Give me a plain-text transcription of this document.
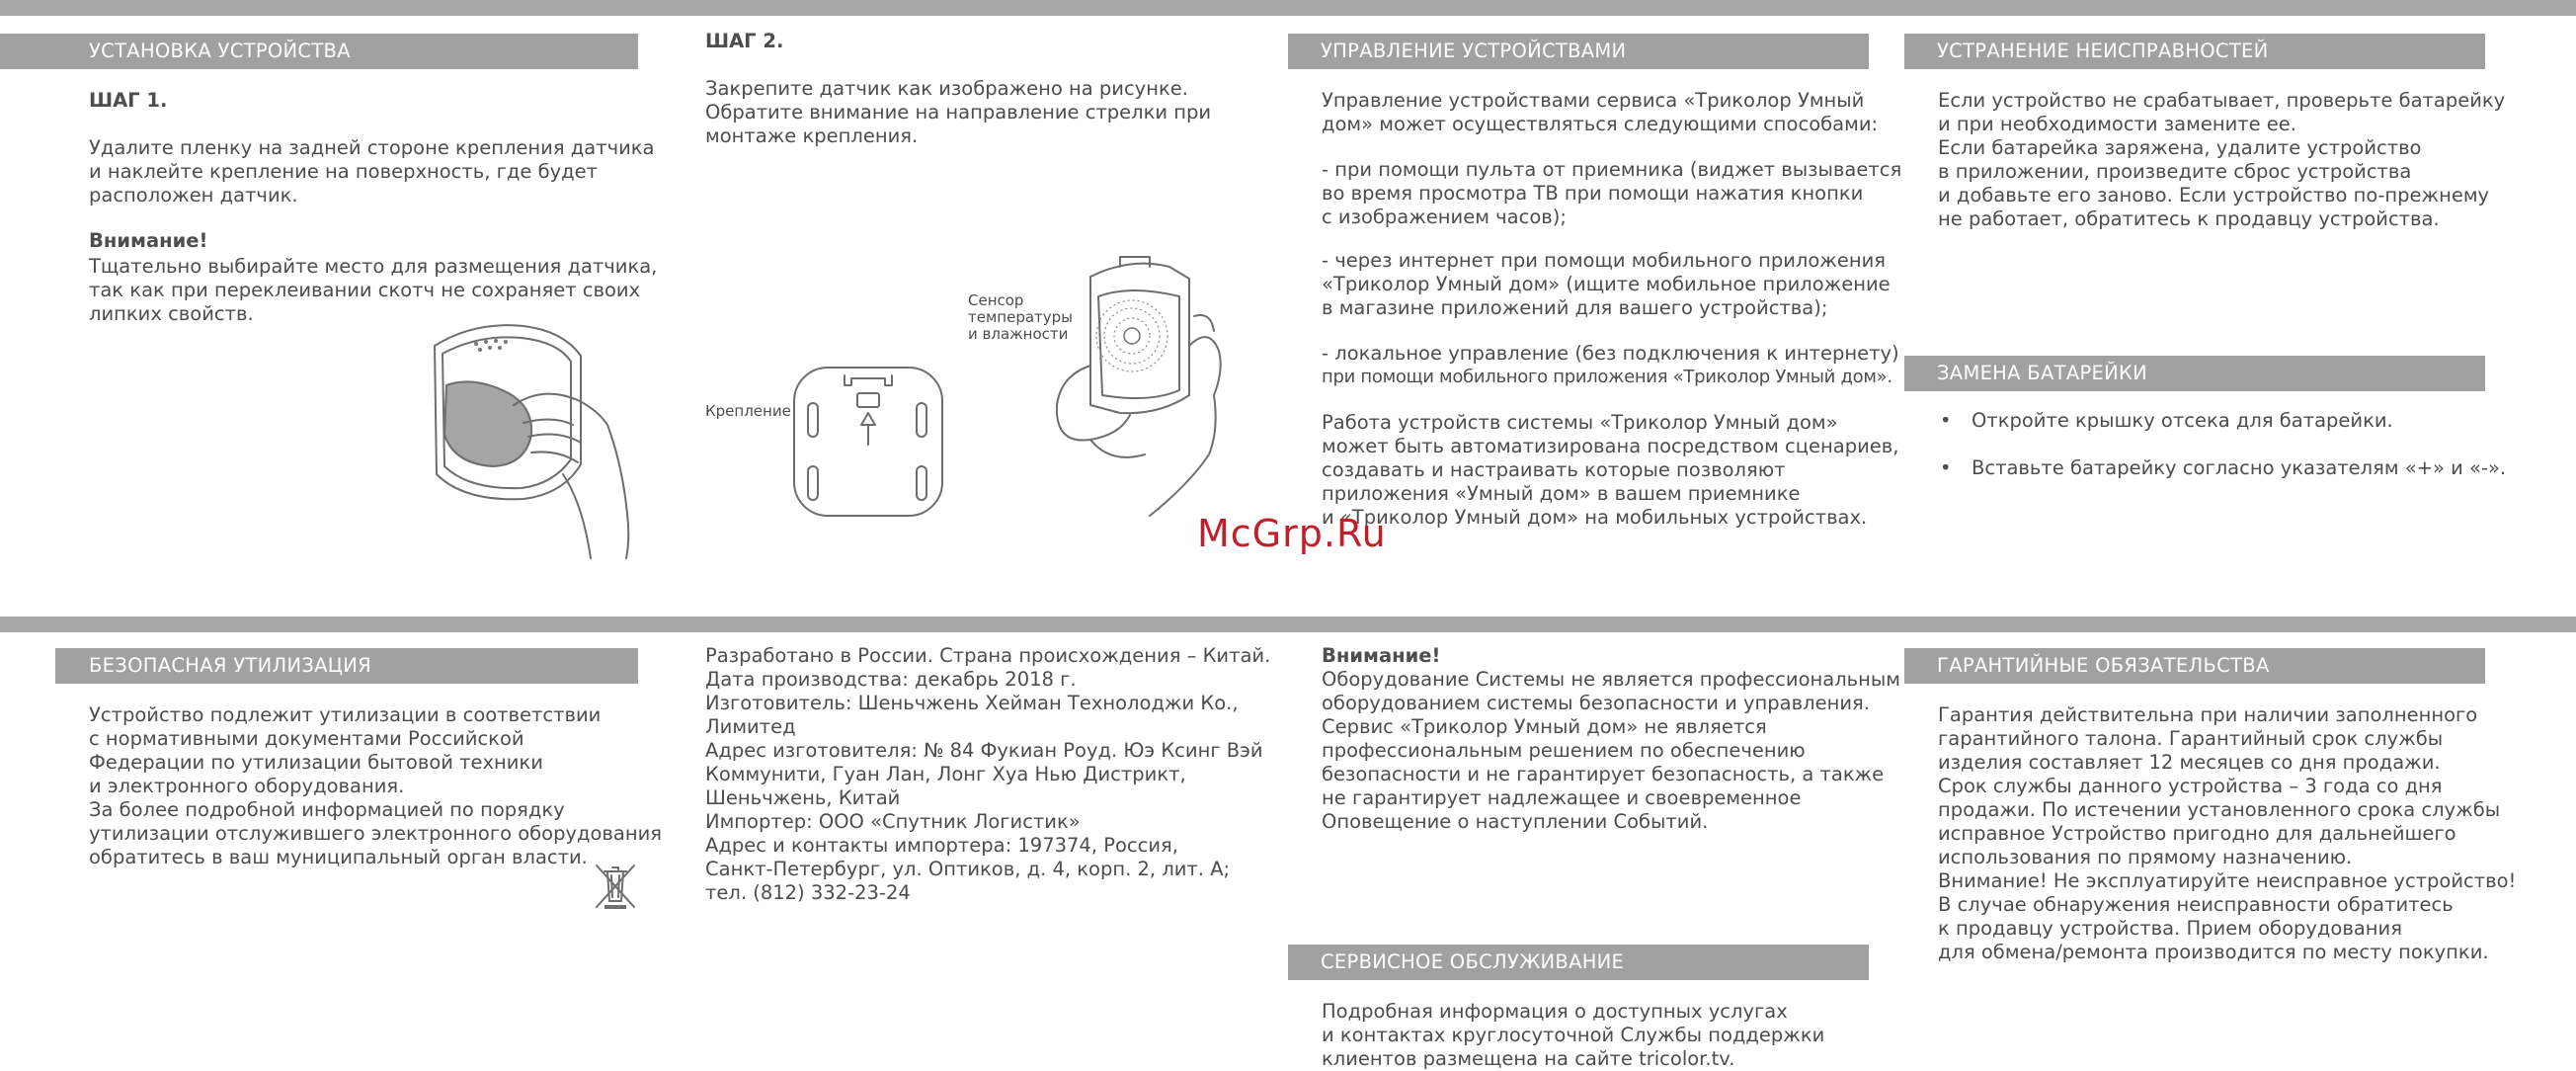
УСТАНОВКА УСТРОЙСТВА

ШАГ 1.

Удалите пленку на задней стороне крепления датчика
и наклейте крепление на поверхность, где будет
расположен датчик.

Внимание!

Тщательно выбирайте место для размещения датчика,
так как при переклеивании скотч не сохраняет своих
липких свойств.

ШАГ 2.

Закрепите датчик как изображено на рисунке.
Обратите внимание на направление стрелки при
монтаже крепления.

Крепление

Сенсор
температуры
и влажности

УПРАВЛЕНИЕ УСТРОЙСТВАМИ

Управление устройствами сервиса «Триколор Умный
дом» может осуществляться следующими способами:

- при помощи пульта от приемника (виджет вызывается
во время просмотра ТВ при помощи нажатия кнопки
с изображением часов);

- через интернет при помощи мобильного приложения
«Триколор Умный дом» (ищите мобильное приложение
в магазине приложений для вашего устройства);

- локальное управление (без подключения к интернету)

при помощи мобильного приложения «Триколор Умный дом».

Работа устройств системы «Триколор Умный дом»
может быть автоматизирована посредством сценариев,
создавать и настраивать которые позволяют
приложения «Умный дом» в вашем приемнике
и «Триколор Умный дом» на мобильных устройствах.

УСТРАНЕНИЕ НЕИСПРАВНОСТЕЙ

Если устройство не срабатывает, проверьте батарейку
и при необходимости замените ее.
Если батарейка заряжена, удалите устройство
в приложении, произведите сброс устройства
и добавьте его заново. Если устройство по-прежнему
не работает, обратитесь к продавцу устройства.

ЗАМЕНА БАТАРЕЙКИ
• Откройте крышку отсека для батарейки.
• Вставьте батарейку согласно указателям «+» и «-».
McGrp.Ru
БЕЗОПАСНАЯ УТИЛИЗАЦИЯ

Устройство подлежит утилизации в соответствии
с нормативными документами Российской
Федерации по утилизации бытовой техники
и электронного оборудования.
За более подробной информацией по порядку
утилизации отслужившего электронного оборудования
обратитесь в ваш муниципальный орган власти.

Разработано в России. Страна происхождения – Китай.
Дата производства: декабрь 2018 г.
Изготовитель: Шеньчжень Хейман Технолоджи Ко.,
Лимитед
Адрес изготовителя: № 84 Фукиан Роуд. Юэ Ксинг Вэй
Коммунити, Гуан Лан, Лонг Хуа Нью Дистрикт,
Шеньчжень, Китай
Импортер: ООО «Спутник Логистик»
Адрес и контакты импортера: 197374, Россия,
Санкт-Петербург, ул. Оптиков, д. 4, корп. 2, лит. А;
тел. (812) 332-23-24

Внимание!

Оборудование Системы не является профессиональным
оборудованием системы безопасности и управления.
Сервис «Триколор Умный дом» не является
профессиональным решением по обеспечению
безопасности и не гарантирует безопасность, а также
не гарантирует надлежащее и своевременное
Оповещение о наступлении Событий.

СЕРВИСНОЕ ОБСЛУЖИВАНИЕ

Подробная информация о доступных услугах
и контактах круглосуточной Службы поддержки
клиентов размещена на сайте tricolor.tv.

ГАРАНТИЙНЫЕ ОБЯЗАТЕЛЬСТВА

Гарантия действительна при наличии заполненного
гарантийного талона. Гарантийный срок службы
изделия составляет 12 месяцев со дня продажи.
Срок службы данного устройства – 3 года со дня
продажи. По истечении установленного срока службы
исправное Устройство пригодно для дальнейшего
использования по прямому назначению.
Внимание! Не эксплуатируйте неисправное устройство!
В случае обнаружения неисправности обратитесь
к продавцу устройства. Прием оборудования
для обмена/ремонта производится по месту покупки.
